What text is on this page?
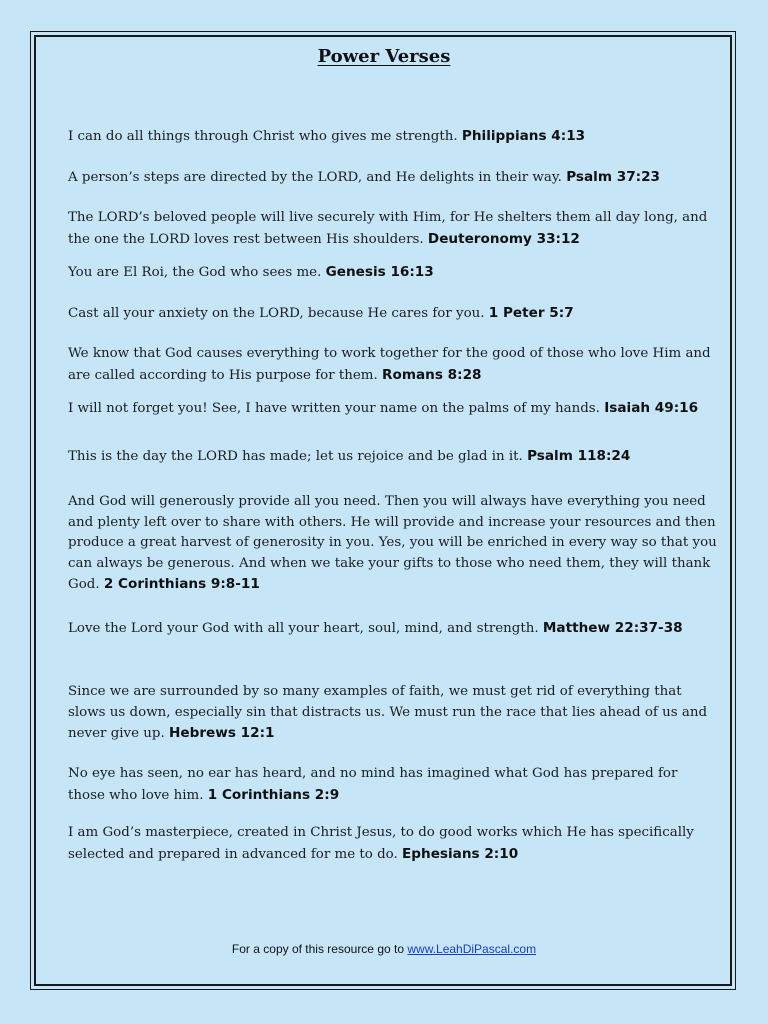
Power Verses

I can do all things through Christ who gives me strength. Philippians 4:13

A person’s steps are directed by the LORD, and He delights in their way. Psalm 37:23

The LORD’s beloved people will live securely with Him, for He shelters them all day long, and the one the LORD loves rest between His shoulders. Deuteronomy 33:12

You are El Roi, the God who sees me. Genesis 16:13

Cast all your anxiety on the LORD, because He cares for you. 1 Peter 5:7

We know that God causes everything to work together for the good of those who love Him and are called according to His purpose for them. Romans 8:28

I will not forget you! See, I have written your name on the palms of my hands. Isaiah 49:16

This is the day the LORD has made; let us rejoice and be glad in it. Psalm 118:24

And God will generously provide all you need. Then you will always have everything you need and plenty left over to share with others. He will provide and increase your resources and then produce a great harvest of generosity in you. Yes, you will be enriched in every way so that you can always be generous. And when we take your gifts to those who need them, they will thank God. 2 Corinthians 9:8-11

Love the Lord your God with all your heart, soul, mind, and strength. Matthew 22:37-38

Since we are surrounded by so many examples of faith, we must get rid of everything that slows us down, especially sin that distracts us. We must run the race that lies ahead of us and never give up. Hebrews 12:1

No eye has seen, no ear has heard, and no mind has imagined what God has prepared for those who love him. 1 Corinthians 2:9

I am God’s masterpiece, created in Christ Jesus, to do good works which He has specifically selected and prepared in advanced for me to do. Ephesians 2:10

For a copy of this resource go to www.LeahDiPascal.com
